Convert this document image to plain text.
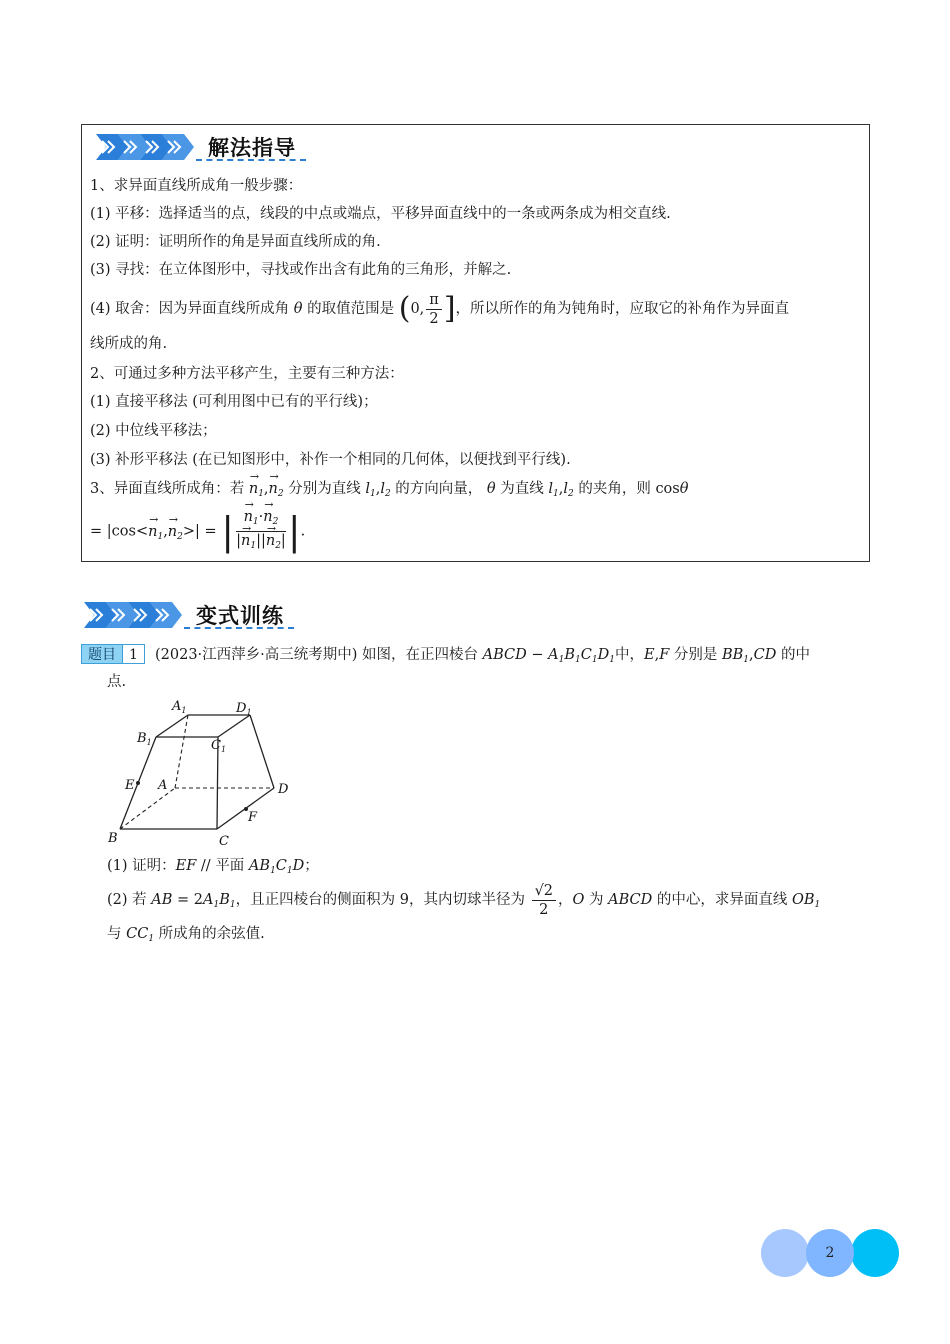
解法指导
1、求异面直线所成角一般步骤：
(1) 平移：选择适当的点，线段的中点或端点，平移异面直线中的一条或两条成为相交直线.
(2) 证明：证明所作的角是异面直线所成的角.
(3) 寻找：在立体图形中，寻找或作出含有此角的三角形，并解之.
(4) 取舍：因为异面直线所成角 θ 的取值范围是 (0, $\frac{\pi}{2}$ ]，所以所作的角为钝角时，应取它的补角作为异面直
线所成的角.
2、可通过多种方法平移产生，主要有三种方法：
(1) 直接平移法 (可利用图中已有的平行线)；
(2) 中位线平移法；
(3) 补形平移法 (在已知图形中，补作一个相同的几何体，以便找到平行线).
3、异面直线所成角：若 → $n_1,\to n_2$ 分别为直线 $l_1,l_2$ 的方向向量， θ 为直线 $l_1,l_2$ 的夹角，则 cosθ
= $|\cos<\to n_1,\to n_2>|$ = | → $\frac{n_1\cdot\to n_2}{|\to n_1||\to n_2|}$ |.
变式训练
题目 1	(2023·江西萍乡·高三统考期中) 如图，在正四棱台 ABCD − $A_1B_1C_1D_1$中，E,F 分别是 $BB_1,CD$ 的中
点.
$A_1$	$D_1$
$B_1$	$C_1$
E A	D
F
B	C
(1) 证明：EF // 平面 $AB_1C_1D$；
(2) 若 AB = $2A_1B_1$，且正四棱台的侧面积为 9，其内切球半径为 $\frac{√2}{2}$ ，O 为 ABCD 的中心，求异面直线 $OB_1$
与 $CC_1$ 所成角的余弦值.
2
